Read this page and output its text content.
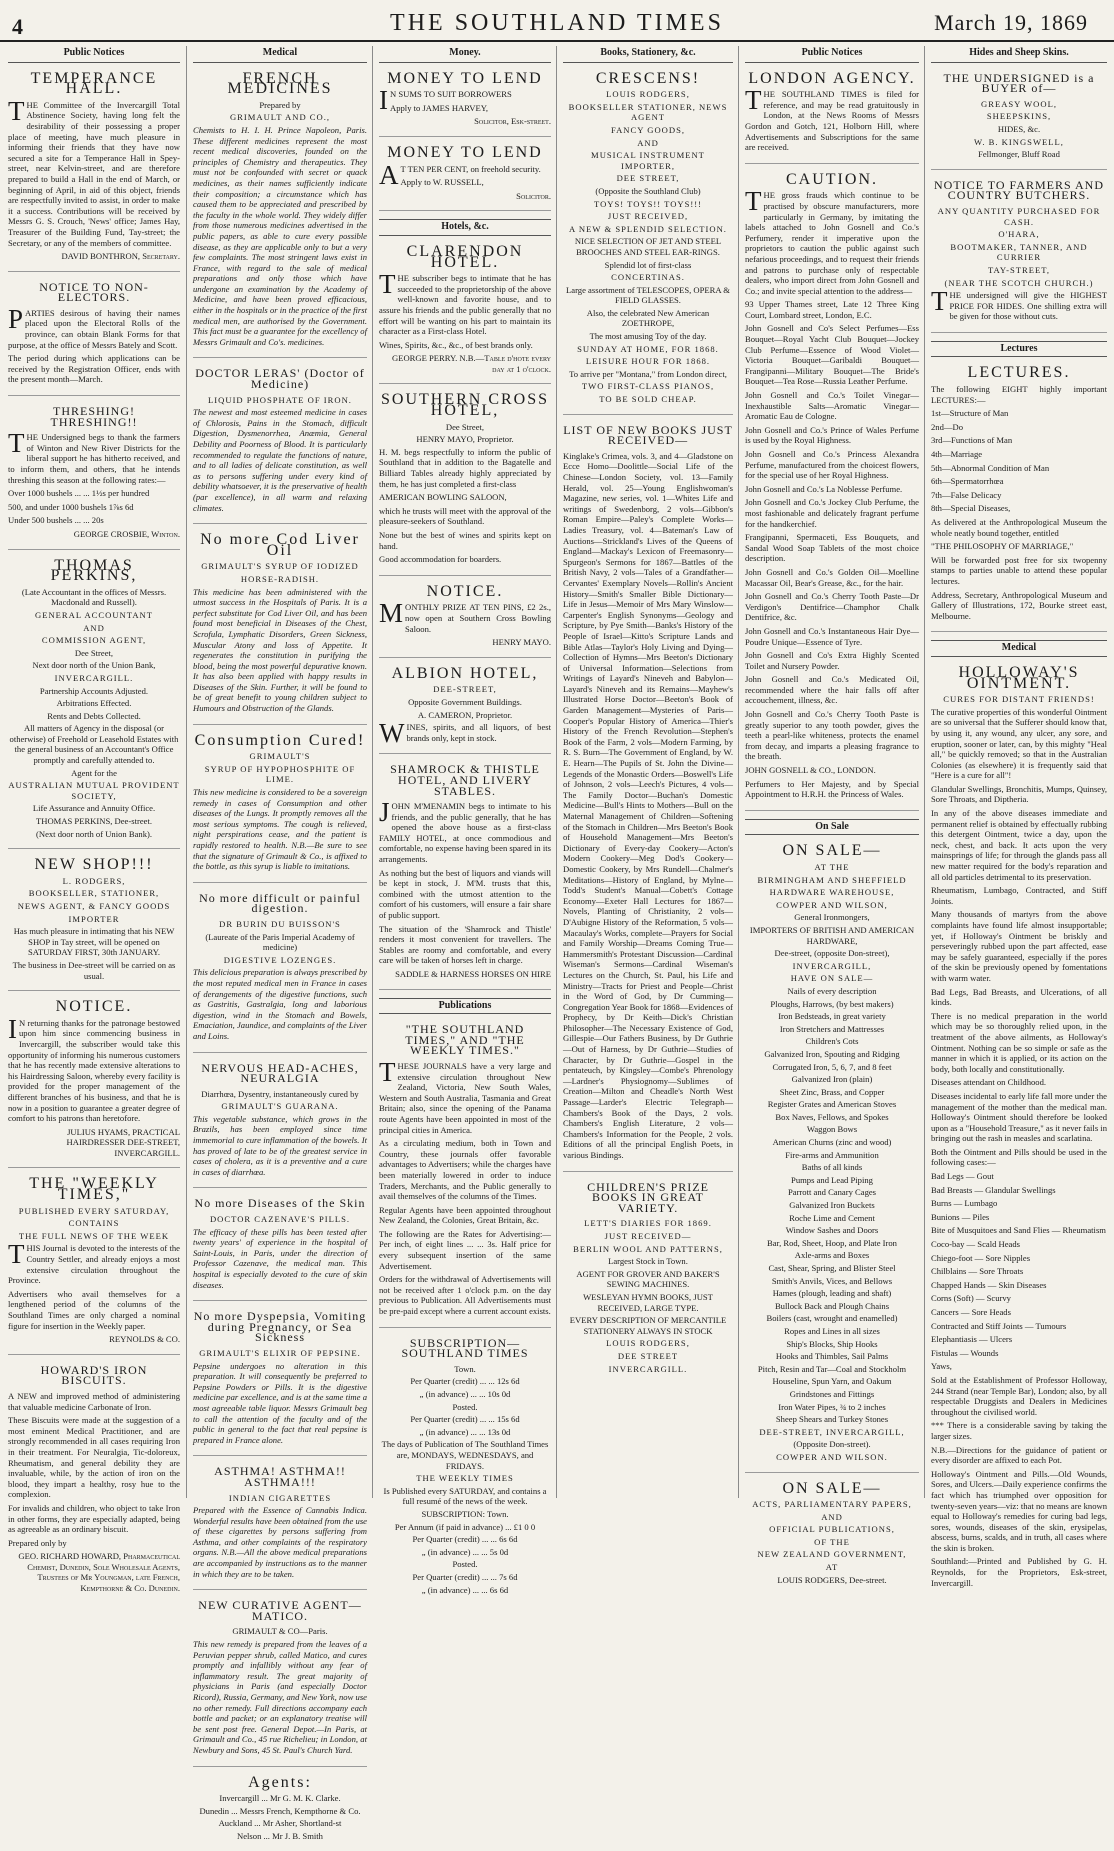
4	THE SOUTHLAND TIMES	March 19, 1869
Public Notices
TEMPERANCE HALL.

THE Committee of the Invercargill Total Abstinence Society, having long felt the desirability of their possessing a proper place of meeting, have much pleasure in informing their friends that they have now secured a site for a Temperance Hall in Spey-street, near Kelvin-street, and are therefore prepared to build a Hall in the end of March, or beginning of April, in aid of this object, friends are respectfully invited to assist, in order to make it a success. Contributions will be received by Messrs G. S. Crouch, 'News' office; James Hay, Treasurer of the Building Fund, Tay-street; the Secretary, or any of the members of committee.

DAVID BONTHRON, Secretary.
NOTICE TO NON-ELECTORS.

PARTIES desirous of having their names placed upon the Electoral Rolls of the province, can obtain Blank Forms for that purpose, at the office of Messrs Bately and Scott.

The period during which applications can be received by the Registration Officer, ends with the present month—March.

THRESHING! THRESHING!!

THE Undersigned begs to thank the farmers of Winton and New River Districts for the liberal support he has hitherto received, and to inform them, and others, that he intends threshing this season at the following rates:—

Over 1000 bushels ... ... 1½s per hundred

500, and under 1000 bushels 1⅞s 6d

Under 500 bushels ... ... 20s

GEORGE CROSBIE, Winton.
THOMAS PERKINS,
(Late Accountant in the offices of Messrs. Macdonald and Russell).
GENERAL ACCOUNTANT
AND
COMMISSION AGENT,
Dee Street,
Next door north of the Union Bank,
INVERCARGILL.
Partnership Accounts Adjusted.
Arbitrations Effected.
Rents and Debts Collected.
All matters of Agency in the disposal (or otherwise) of Freehold or Leasehold Estates with the general business of an Accountant's Office promptly and carefully attended to.
Agent for the
AUSTRALIAN MUTUAL PROVIDENT SOCIETY,
Life Assurance and Annuity Office.
THOMAS PERKINS, Dee-street.
(Next door north of Union Bank).
NEW SHOP!!!
L. RODGERS,
BOOKSELLER, STATIONER,
NEWS AGENT, & FANCY GOODS
IMPORTER
Has much pleasure in intimating that his NEW SHOP in Tay street, will be opened on SATURDAY FIRST, 30th JANUARY.
The business in Dee-street will be carried on as usual.
NOTICE.

IN returning thanks for the patronage bestowed upon him since commencing business in Invercargill, the subscriber would take this opportunity of informing his numerous customers that he has recently made extensive alterations to his Hairdressing Saloon, whereby every facility is provided for the proper management of the different branches of his business, and that he is now in a position to guarantee a greater degree of comfort to his patrons than heretofore.

JULIUS HYAMS, PRACTICAL HAIRDRESSER DEE-STREET, INVERCARGILL.
THE "WEEKLY TIMES,"
PUBLISHED EVERY SATURDAY,
CONTAINS
THE FULL NEWS OF THE WEEK

THIS Journal is devoted to the interests of the Country Settler, and already enjoys a most extensive circulation throughout the Province.

Advertisers who avail themselves for a lengthened period of the columns of the Southland Times are only charged a nominal figure for insertion in the Weekly paper.

REYNOLDS & CO.
HOWARD'S IRON BISCUITS.

A NEW and improved method of administering that valuable medicine Carbonate of Iron.

These Biscuits were made at the suggestion of a most eminent Medical Practitioner, and are strongly recommended in all cases requiring Iron in their treatment. For Neuralgia, Tic-doloreux, Rheumatism, and general debility they are invaluable, while, by the action of iron on the blood, they impart a healthy, rosy hue to the complexion.

For invalids and children, who object to take Iron in other forms, they are especially adapted, being as agreeable as an ordinary biscuit.

Prepared only by

GEO. RICHARD HOWARD, Pharmaceutical Chemist, Dunedin, Sole Wholesale Agents, Trustees of Mr Youngman, late French, Kempthorne & Co. Dunedin.
Medical
FRENCH MEDICINES
Prepared by
GRIMAULT AND CO.,

Chemists to H. I. H. Prince Napoleon, Paris. These different medicines represent the most recent medical discoveries, founded on the principles of Chemistry and therapeutics. They must not be confounded with secret or quack medicines, as their names sufficiently indicate their composition; a circumstance which has caused them to be appreciated and prescribed by the faculty in the whole world. They widely differ from those numerous medicines advertised in the public papers, as able to cure every possible disease, as they are applicable only to but a very few complaints. The most stringent laws exist in France, with regard to the sale of medical preparations and only those which have undergone an examination by the Academy of Medicine, and have been proved efficacious, either in the hospitals or in the practice of the first medical men, are authorised by the Government. This fact must be a guarantee for the excellency of Messrs Grimault and Co's. medicines.

DOCTOR LERAS' (Doctor of Medicine)
LIQUID PHOSPHATE OF IRON.

The newest and most esteemed medicine in cases of Chlorosis, Pains in the Stomach, difficult Digestion, Dysmenorrhea, Anæmia, General Debility and Poorness of Blood. It is particularly recommended to regulate the functions of nature, and to all ladies of delicate constitution, as well as to persons suffering under every kind of debility whatsoever, it is the preservative of health (par excellence), in all warm and relaxing climates.

No more Cod Liver Oil
GRIMAULT'S SYRUP OF IODIZED
HORSE-RADISH.

This medicine has been administered with the utmost success in the Hospitals of Paris. It is a perfect substitute for Cod Liver Oil, and has been found most beneficial in Diseases of the Chest, Scrofula, Lymphatic Disorders, Green Sickness, Muscular Atony and loss of Appetite. It regenerates the constitution in purifying the blood, being the most powerful depurative known. It has also been applied with happy results in Diseases of the Skin. Further, it will be found to be of great benefit to young children subject to Humours and Obstruction of the Glands.

Consumption Cured!
GRIMAULT'S
SYRUP OF HYPOPHOSPHITE OF LIME.

This new medicine is considered to be a sovereign remedy in cases of Consumption and other diseases of the Lungs. It promptly removes all the most serious symptoms. The cough is relieved, night perspirations cease, and the patient is rapidly restored to health. N.B.—Be sure to see that the signature of Grimault & Co., is affixed to the bottle, as this syrup is liable to imitations.

No more difficult or painful digestion.
DR BURIN DU BUISSON'S
(Laureate of the Paris Imperial Academy of medicine)
DIGESTIVE LOZENGES.

This delicious preparation is always prescribed by the most reputed medical men in France in cases of derangements of the digestive functions, such as Gastritis, Gastralgia, long and laborious digestion, wind in the Stomach and Bowels, Emaciation, Jaundice, and complaints of the Liver and Loins.

NERVOUS HEAD-ACHES, NEURALGIA
Diarrhœa, Dysentry, instantaneously cured by
GRIMAULT'S GUARANA.

This vegetable substance, which grows in the Brazils, has been employed since time immemorial to cure inflammation of the bowels. It has proved of late to be of the greatest service in cases of cholera, as it is a preventive and a cure in cases of diarrhœa.

No more Diseases of the Skin
DOCTOR CAZENAVE'S PILLS.

The efficacy of these pills has been tested after twenty years' of experience in the hospital of Saint-Louis, in Paris, under the direction of Professor Cazenave, the medical man. This hospital is especially devoted to the cure of skin diseases.

No more Dyspepsia, Vomiting during Pregnancy, or Sea Sickness
GRIMAULT'S ELIXIR OF PEPSINE.

Pepsine undergoes no alteration in this preparation. It will consequently be preferred to Pepsine Powders or Pills. It is the digestive medicine par excellence, and is at the same time a most agreeable table liquor. Messrs Grimault beg to call the attention of the faculty and of the public in general to the fact that real pepsine is prepared in France alone.

ASTHMA! ASTHMA!! ASTHMA!!!
INDIAN CIGARETTES

Prepared with the Essence of Cannabis Indica. Wonderful results have been obtained from the use of these cigarettes by persons suffering from Asthma, and other complaints of the respiratory organs. N.B.—All the above medical preparations are accompanied by instructions as to the manner in which they are to be taken.

NEW CURATIVE AGENT—MATICO.
GRIMAULT & CO—Paris.

This new remedy is prepared from the leaves of a Peruvian pepper shrub, called Matico, and cures promptly and infallibly without any fear of inflammatory result. The great majority of physicians in Paris (and especially Doctor Ricord), Russia, Germany, and New York, now use no other remedy. Full directions accompany each bottle and packet; or an explanatory treatise will be sent post free. General Depot.—In Paris, at Grimault and Co., 45 rue Richelieu; in London, at Newbury and Sons, 45 St. Paul's Church Yard.

Agents:
Invercargill ... Mr G. M. K. Clarke.
Dunedin ... Messrs French, Kempthorne & Co.
Auckland ... Mr Asher, Shortland-st
Nelson ... Mr J. B. Smith
Money.
MONEY TO LEND

IN SUMS TO SUIT BORROWERS

Apply to JAMES HARVEY,

Solicitor, Esk-street.
MONEY TO LEND

AT TEN PER CENT, on freehold security.

Apply to W. RUSSELL,

Solicitor.
Hotels, &c.
CLARENDON HOTEL.

THE subscriber begs to intimate that he has succeeded to the proprietorship of the above well-known and favorite house, and to assure his friends and the public generally that no effort will be wanting on his part to maintain its character as a First-class Hotel.

Wines, Spirits, &c., &c., of best brands only.

GEORGE PERRY. N.B.—Table d'hote every day at 1 o'clock.
SOUTHERN CROSS HOTEL,
Dee Street,
HENRY MAYO, Proprietor.

H. M. begs respectfully to inform the public of Southland that in addition to the Bagatelle and Billiard Tables already highly appreciated by them, he has just completed a first-class

AMERICAN BOWLING SALOON,

which he trusts will meet with the approval of the pleasure-seekers of Southland.

None but the best of wines and spirits kept on hand.

Good accommodation for boarders.

NOTICE.

MONTHLY PRIZE AT TEN PINS, £2 2s., now open at Southern Cross Bowling Saloon.

HENRY MAYO.
ALBION HOTEL,
DEE-STREET,
Opposite Government Buildings.
A. CAMERON, Proprietor.

WINES, spirits, and all liquors, of best brands only, kept in stock.

SHAMROCK & THISTLE HOTEL, AND LIVERY STABLES.

JOHN M'MENAMIN begs to intimate to his friends, and the public generally, that he has opened the above house as a first-class FAMILY HOTEL, at once commodious and comfortable, no expense having been spared in its arrangements.

As nothing but the best of liquors and viands will be kept in stock, J. M'M. trusts that this, combined with the utmost attention to the comfort of his customers, will ensure a fair share of public support.

The situation of the 'Shamrock and Thistle' renders it most convenient for travellers. The Stables are roomy and comfortable, and every care will be taken of horses left in charge.

SADDLE & HARNESS HORSES ON HIRE
Publications
"THE SOUTHLAND TIMES," AND "THE WEEKLY TIMES."

THESE JOURNALS have a very large and extensive circulation throughout New Zealand, Victoria, New South Wales, Western and South Australia, Tasmania and Great Britain; also, since the opening of the Panama route Agents have been appointed in most of the principal cities in America.

As a circulating medium, both in Town and Country, these journals offer favorable advantages to Advertisers; while the charges have been materially lowered in order to induce Traders, Merchants, and the Public generally to avail themselves of the columns of the Times.

Regular Agents have been appointed throughout New Zealand, the Colonies, Great Britain, &c.

The following are the Rates for Advertising:— Per inch, of eight lines ... ... 3s. Half price for every subsequent insertion of the same Advertisement.

Orders for the withdrawal of Advertisements will not be received after 1 o'clock p.m. on the day previous to Publication. All Advertisements must be pre-paid except where a current account exists.

SUBSCRIPTION—SOUTHLAND TIMES
Town.
Per Quarter (credit) ... ... 12s 6d
„ (in advance) ... ... 10s 0d
Posted.
Per Quarter (credit) ... ... 15s 6d
„ (in advance) ... ... 13s 0d
The days of Publication of The Southland Times are, MONDAYS, WEDNESDAYS, and FRIDAYS.
THE WEEKLY TIMES
Is Published every SATURDAY, and contains a full resumé of the news of the week.
SUBSCRIPTION: Town.
Per Annum (if paid in advance) ... £1 0 0
Per Quarter (credit) ... ... 6s 6d
„ (in advance) ... ... 5s 0d
Posted.
Per Quarter (credit) ... ... 7s 6d
„ (in advance) ... ... 6s 6d
Books, Stationery, &c.
CRESCENS!
LOUIS RODGERS,
BOOKSELLER STATIONER, NEWS AGENT
FANCY GOODS,
AND
MUSICAL INSTRUMENT IMPORTER,
DEE STREET,
(Opposite the Southland Club)
TOYS! TOYS!! TOYS!!!
JUST RECEIVED,
A NEW & SPLENDID SELECTION.
NICE SELECTION OF JET AND STEEL BROOCHES AND STEEL EAR-RINGS.
Splendid lot of first-class
CONCERTINAS.
Large assortment of TELESCOPES, OPERA & FIELD GLASSES.
Also, the celebrated New American ZOETHROPE,
The most amusing Toy of the day.
SUNDAY AT HOME, FOR 1868.
LEISURE HOUR FOR 1868.
To arrive per "Montana," from London direct,
TWO FIRST-CLASS PIANOS,
TO BE SOLD CHEAP.
LIST OF NEW BOOKS JUST RECEIVED—

Kinglake's Crimea, vols. 3, and 4—Gladstone on Ecce Homo—Doolittle—Social Life of the Chinese—London Society, vol. 13—Family Herald, vol. 25—Young Englishwoman's Magazine, new series, vol. 1—Whites Life and writings of Swedenborg, 2 vols—Gibbon's Roman Empire—Paley's Complete Works—Ladies Treasury, vol. 4—Bateman's Law of Auctions—Strickland's Lives of the Queens of England—Mackay's Lexicon of Freemasonry—Spurgeon's Sermons for 1867—Battles of the British Navy, 2 vols—Tales of a Grandfather—Cervantes' Exemplary Novels—Rollin's Ancient History—Smith's Smaller Bible Dictionary—Life in Jesus—Memoir of Mrs Mary Winslow—Carpenter's English Synonyms—Geology and Scripture, by Pye Smith—Banks's History of the People of Israel—Kitto's Scripture Lands and Bible Atlas—Taylor's Holy Living and Dying—Collection of Hymns—Mrs Beeton's Dictionary of Universal Information—Selections from Writings of Layard's Nineveh and Babylon—Layard's Nineveh and its Remains—Mayhew's Illustrated Horse Doctor—Beeton's Book of Garden Management—Mysteries of Paris—Cooper's Popular History of America—Thier's History of the French Revolution—Stephen's Book of the Farm, 2 vols—Modern Farming, by R. S. Burn—The Government of England, by W. E. Hearn—The Pupils of St. John the Divine—Legends of the Monastic Orders—Boswell's Life of Johnson, 2 vols—Leech's Pictures, 4 vols—The Family Doctor—Buchan's Domestic Medicine—Bull's Hints to Mothers—Bull on the Maternal Management of Children—Softening of the Stomach in Children—Mrs Beeton's Book of Household Management—Mrs Beeton's Dictionary of Every-day Cookery—Acton's Modern Cookery—Meg Dod's Cookery—Domestic Cookery, by Mrs Rundell—Chalmer's Meditations—History of England, by Mylne—Todd's Student's Manual—Cobett's Cottage Economy—Exeter Hall Lectures for 1867—Novels, Planting of Christianity, 2 vols—D'Aubigne History of the Reformation, 5 vols—Macaulay's Works, complete—Prayers for Social and Family Worship—Dreams Coming True—Hammersmith's Protestant Discussion—Cardinal Wiseman's Sermons—Cardinal Wiseman's Lectures on the Church, St. Paul, his Life and Ministry—Tracts for Priest and People—Christ in the Word of God, by Dr Cumming—Congregation Year Book for 1868—Evidences of Prophecy, by Dr Keith—Dick's Christian Philosopher—The Necessary Existence of God, Gillespie—Our Fathers Business, by Dr Guthrie—Out of Harness, by Dr Guthrie—Studies of Character, by Dr Guthrie—Gospel in the pentateuch, by Kingsley—Combe's Phrenology—Lardner's Physiognomy—Sublimes of Creation—Milton and Cheadle's North West Passage—Larder's Electric Telegraph—Chambers's Book of the Days, 2 vols. Chambers's English Literature, 2 vols—Chambers's Information for the People, 2 vols. Editions of all the principal English Poets, in various Bindings.

CHILDREN'S PRIZE BOOKS IN GREAT VARIETY.
LETT'S DIARIES FOR 1869.
JUST RECEIVED—
BERLIN WOOL AND PATTERNS,
Largest Stock in Town.
AGENT FOR GROVER AND BAKER'S SEWING MACHINES.
WESLEYAN HYMN BOOKS, JUST RECEIVED, LARGE TYPE.
EVERY DESCRIPTION OF MERCANTILE STATIONERY ALWAYS IN STOCK
LOUIS RODGERS,
DEE STREET
INVERCARGILL.
Public Notices
LONDON AGENCY.

THE SOUTHLAND TIMES is filed for reference, and may be read gratuitously in London, at the News Rooms of Messrs Gordon and Gotch, 121, Holborn Hill, where Advertisements and Subscriptions for the same are received.

CAUTION.

THE gross frauds which continue to be practised by obscure manufacturers, more particularly in Germany, by imitating the labels attached to John Gosnell and Co.'s Perfumery, render it imperative upon the proprietors to caution the public against such nefarious proceedings, and to request their friends and patrons to purchase only of respectable dealers, who import direct from John Gosnell and Co.; and invite special attention to the address—

93 Upper Thames street, Late 12 Three King Court, Lombard street, London, E.C.

John Gosnell and Co's Select Perfumes—Ess Bouquet—Royal Yacht Club Bouquet—Jockey Club Perfume—Essence of Wood Violet—Victoria Bouquet—Garibaldi Bouquet—Frangipanni—Military Bouquet—The Bride's Bouquet—Tea Rose—Russia Leather Perfume.

John Gosnell and Co.'s Toilet Vinegar—Inexhaustible Salts—Aromatic Vinegar—Aromatic Eau de Cologne.

John Gosnell and Co.'s Prince of Wales Perfume is used by the Royal Highness.

John Gosnell and Co.'s Princess Alexandra Perfume, manufactured from the choicest flowers, for the special use of her Royal Highness.

John Gosnell and Co.'s La Noblesse Perfume.

John Gosnell and Co.'s Jockey Club Perfume, the most fashionable and delicately fragrant perfume for the handkerchief.

Frangipanni, Spermaceti, Ess Bouquets, and Sandal Wood Soap Tablets of the most choice description.

John Gosnell and Co.'s Golden Oil—Moelline Macassar Oil, Bear's Grease, &c., for the hair.

John Gosnell and Co.'s Cherry Tooth Paste—Dr Verdigon's Dentifrice—Champhor Chalk Dentifrice, &c.

John Gosnell and Co.'s Instantaneous Hair Dye—Poudre Unique—Essence of Tyre.

John Gosnell and Co's Extra Highly Scented Toilet and Nursery Powder.

John Gosnell and Co.'s Medicated Oil, recommended where the hair falls off after accouchement, illness, &c.

John Gosnell and Co.'s Cherry Tooth Paste is greatly superior to any tooth powder, gives the teeth a pearl-like whiteness, protects the enamel from decay, and imparts a pleasing fragrance to the breath.

JOHN GOSNELL & CO., LONDON.

Perfumers to Her Majesty, and by Special Appointment to H.R.H. the Princess of Wales.

On Sale
ON SALE—
AT THE
BIRMINGHAM AND SHEFFIELD
HARDWARE WAREHOUSE,
COWPER AND WILSON,
General Ironmongers,
IMPORTERS OF BRITISH AND AMERICAN HARDWARE,
Dee-street, (opposite Don-street),
INVERCARGILL,
HAVE ON SALE—
Nails of every description
Ploughs, Harrows, (by best makers)
Iron Bedsteads, in great variety
Iron Stretchers and Mattresses
Children's Cots
Galvanized Iron, Spouting and Ridging
Corrugated Iron, 5, 6, 7, and 8 feet
Galvanized Iron (plain)
Sheet Zinc, Brass, and Copper
Register Grates and American Stoves
Box Naves, Fellows, and Spokes
Waggon Bows
American Churns (zinc and wood)
Fire-arms and Ammunition
Baths of all kinds
Pumps and Lead Piping
Parrott and Canary Cages
Galvanized Iron Buckets
Roche Lime and Cement
Window Sashes and Doors
Bar, Rod, Sheet, Hoop, and Plate Iron
Axle-arms and Boxes
Cast, Shear, Spring, and Blister Steel
Smith's Anvils, Vices, and Bellows
Hames (plough, leading and shaft)
Bullock Back and Plough Chains
Boilers (cast, wrought and enamelled)
Ropes and Lines in all sizes
Ship's Blocks, Ship Hooks
Hooks and Thimbles, Sail Palms
Pitch, Resin and Tar—Coal and Stockholm
Houseline, Spun Yarn, and Oakum
Grindstones and Fittings
Iron Water Pipes, ¾ to 2 inches
Sheep Shears and Turkey Stones
DEE-STREET, INVERCARGILL,
(Opposite Don-street).
COWPER AND WILSON.
ON SALE—
ACTS, PARLIAMENTARY PAPERS,
AND
OFFICIAL PUBLICATIONS,
OF THE
NEW ZEALAND GOVERNMENT,
AT
LOUIS RODGERS, Dee-street.
Hides and Sheep Skins.
THE UNDERSIGNED is a BUYER of—
GREASY WOOL,
SHEEPSKINS,
HIDES, &c.
W. B. KINGSWELL,
Fellmonger, Bluff Road
NOTICE TO FARMERS AND COUNTRY BUTCHERS.
ANY QUANTITY PURCHASED FOR CASH.
O'HARA,
BOOTMAKER, TANNER, AND CURRIER
TAY-STREET,
(NEAR THE SCOTCH CHURCH.)

THE undersigned will give the HIGHEST PRICE FOR HIDES. One shilling extra will be given for those without cuts.

Lectures
LECTURES.

The following EIGHT highly important LECTURES:—

1st—Structure of Man

2nd—Do

3rd—Functions of Man

4th—Marriage

5th—Abnormal Condition of Man

6th—Spermatorrhœa

7th—False Delicacy

8th—Special Diseases,

As delivered at the Anthropological Museum the whole neatly bound together, entitled

"THE PHILOSOPHY OF MARRIAGE,"

Will be forwarded post free for six twopenny stamps to parties unable to attend these popular lectures.

Address, Secretary, Anthropological Museum and Gallery of Illustrations, 172, Bourke street east, Melbourne.

Medical
HOLLOWAY'S OINTMENT.
CURES FOR DISTANT FRIENDS!

The curative properties of this wonderful Ointment are so universal that the Sufferer should know that, by using it, any wound, any ulcer, any sore, and eruption, sooner or later, can, by this mighty "Heal all," be quickly removed; so that in the Australian Colonies (as elsewhere) it is frequently said that "Here is a cure for all"!

Glandular Swellings, Bronchitis, Mumps, Quinsey, Sore Throats, and Diptheria.

In any of the above diseases immediate and permanent relief is obtained by effectually rubbing this detergent Ointment, twice a day, upon the neck, chest, and back. It acts upon the very mainsprings of life; for through the glands pass all new matter required for the body's reparation and all old particles detrimental to its preservation.

Rheumatism, Lumbago, Contracted, and Stiff Joints.

Many thousands of martyrs from the above complaints have found life almost insupportable; yet, if Holloway's Ointment be briskly and perseveringly rubbed upon the part affected, ease may be safely guaranteed, especially if the pores of the skin be previously opened by fomentations with warm water.

Bad Legs, Bad Breasts, and Ulcerations, of all kinds.

There is no medical preparation in the world which may be so thoroughly relied upon, in the treatment of the above ailments, as Holloway's Ointment. Nothing can be so simple or safe as the manner in which it is applied, or its action on the body, both locally and constitutionally.

Diseases attendant on Childhood.

Diseases incidental to early life fall more under the management of the mother than the medical man. Holloway's Ointment should therefore be looked upon as a "Household Treasure," as it never fails in bringing out the rash in measles and scarlatina.

Both the Ointment and Pills should be used in the following cases:—

Bad Legs — Gout

Bad Breasts — Glandular Swellings

Burns — Lumbago

Bunions — Piles

Bite of Musquitoes and Sand Flies — Rheumatism

Coco-bay — Scald Heads

Chiego-foot — Sore Nipples

Chilblains — Sore Throats

Chapped Hands — Skin Diseases

Corns (Soft) — Scurvy

Cancers — Sore Heads

Contracted and Stiff Joints — Tumours

Elephantiasis — Ulcers

Fistulas — Wounds

Yaws,

Sold at the Establishment of Professor Holloway, 244 Strand (near Temple Bar), London; also, by all respectable Druggists and Dealers in Medicines throughout the civilised world.

*** There is a considerable saving by taking the larger sizes.

N.B.—Directions for the guidance of patient or every disorder are affixed to each Pot.

Holloway's Ointment and Pills.—Old Wounds, Sores, and Ulcers.—Daily experience confirms the fact which has triumphed over opposition for twenty-seven years—viz: that no means are known equal to Holloway's remedies for curing bad legs, sores, wounds, diseases of the skin, erysipelas, abscess, burns, scalds, and in truth, all cases where the skin is broken.

Southland:—Printed and Published by G. H. Reynolds, for the Proprietors, Esk-street, Invercargill.
